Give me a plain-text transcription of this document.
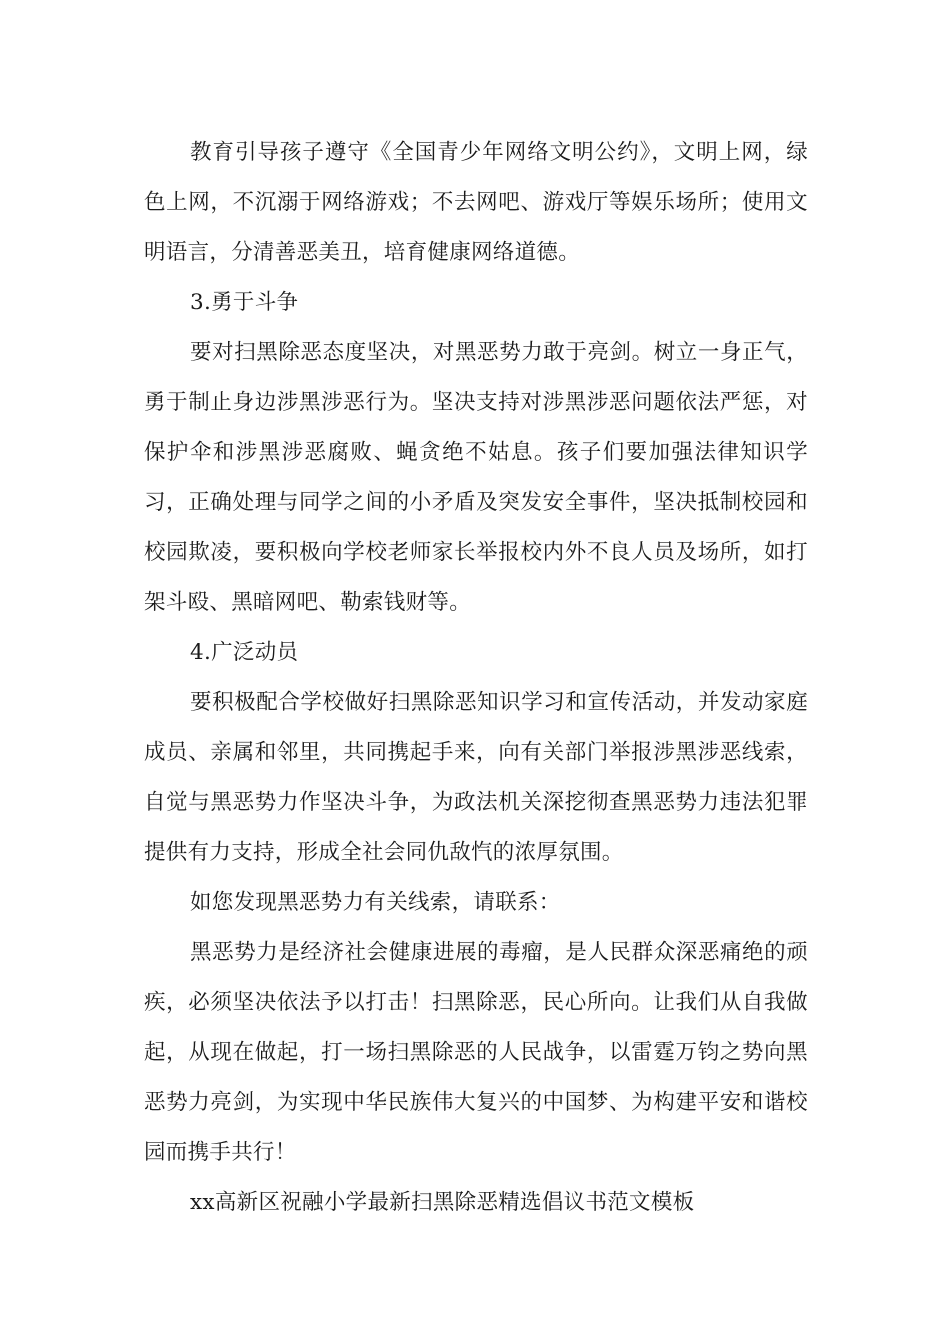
教育引导孩子遵守《全国青少年网络文明公约》，文明上网，绿色上网，不沉溺于网络游戏；不去网吧、游戏厅等娱乐场所；使用文明语言，分清善恶美丑，培育健康网络道德。

3.勇于斗争

要对扫黑除恶态度坚决，对黑恶势力敢于亮剑。树立一身正气，勇于制止身边涉黑涉恶行为。坚决支持对涉黑涉恶问题依法严惩，对保护伞和涉黑涉恶腐败、蝇贪绝不姑息。孩子们要加强法律知识学习，正确处理与同学之间的小矛盾及突发安全事件，坚决抵制校园和校园欺凌，要积极向学校老师家长举报校内外不良人员及场所，如打架斗殴、黑暗网吧、勒索钱财等。

4.广泛动员

要积极配合学校做好扫黑除恶知识学习和宣传活动，并发动家庭成员、亲属和邻里，共同携起手来，向有关部门举报涉黑涉恶线索，自觉与黑恶势力作坚决斗争，为政法机关深挖彻查黑恶势力违法犯罪提供有力支持，形成全社会同仇敌忾的浓厚氛围。

如您发现黑恶势力有关线索，请联系：

黑恶势力是经济社会健康进展的毒瘤，是人民群众深恶痛绝的顽疾，必须坚决依法予以打击！扫黑除恶，民心所向。让我们从自我做起，从现在做起，打一场扫黑除恶的人民战争，以雷霆万钧之势向黑恶势力亮剑，为实现中华民族伟大复兴的中国梦、为构建平安和谐校园而携手共行！

xx高新区祝融小学最新扫黑除恶精选倡议书范文模板
